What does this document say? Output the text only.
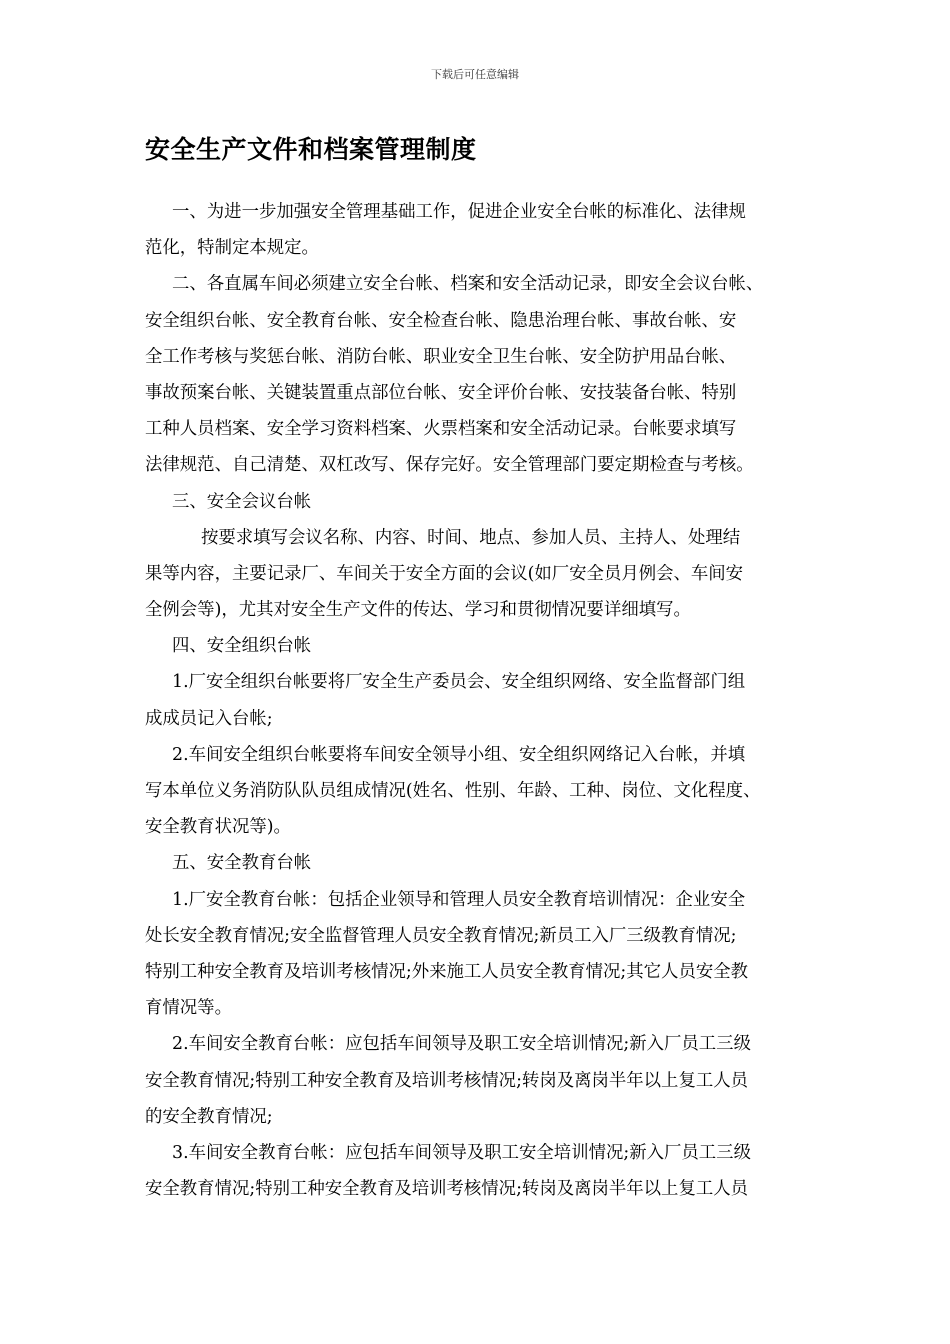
下载后可任意编辑
安全生产文件和档案管理制度
一、为进一步加强安全管理基础工作，促进企业安全台帐的标准化、法律规
范化，特制定本规定。
二、各直属车间必须建立安全台帐、档案和安全活动记录，即安全会议台帐、
安全组织台帐、安全教育台帐、安全检查台帐、隐患治理台帐、事故台帐、安
全工作考核与奖惩台帐、消防台帐、职业安全卫生台帐、安全防护用品台帐、
事故预案台帐、关键装置重点部位台帐、安全评价台帐、安技装备台帐、特别
工种人员档案、安全学习资料档案、火票档案和安全活动记录。台帐要求填写
法律规范、自己清楚、双杠改写、保存完好。安全管理部门要定期检查与考核。
三、安全会议台帐
按要求填写会议名称、内容、时间、地点、参加人员、主持人、处理结
果等内容，主要记录厂、车间关于安全方面的会议(如厂安全员月例会、车间安
全例会等)，尤其对安全生产文件的传达、学习和贯彻情况要详细填写。
四、安全组织台帐
1.厂安全组织台帐要将厂安全生产委员会、安全组织网络、安全监督部门组
成成员记入台帐;
2.车间安全组织台帐要将车间安全领导小组、安全组织网络记入台帐，并填
写本单位义务消防队队员组成情况(姓名、性别、年龄、工种、岗位、文化程度、
安全教育状况等)。
五、安全教育台帐
1.厂安全教育台帐：包括企业领导和管理人员安全教育培训情况：企业安全
处长安全教育情况;安全监督管理人员安全教育情况;新员工入厂三级教育情况;
特别工种安全教育及培训考核情况;外来施工人员安全教育情况;其它人员安全教
育情况等。
2.车间安全教育台帐：应包括车间领导及职工安全培训情况;新入厂员工三级
安全教育情况;特别工种安全教育及培训考核情况;转岗及离岗半年以上复工人员
的安全教育情况;
3.车间安全教育台帐：应包括车间领导及职工安全培训情况;新入厂员工三级
安全教育情况;特别工种安全教育及培训考核情况;转岗及离岗半年以上复工人员
